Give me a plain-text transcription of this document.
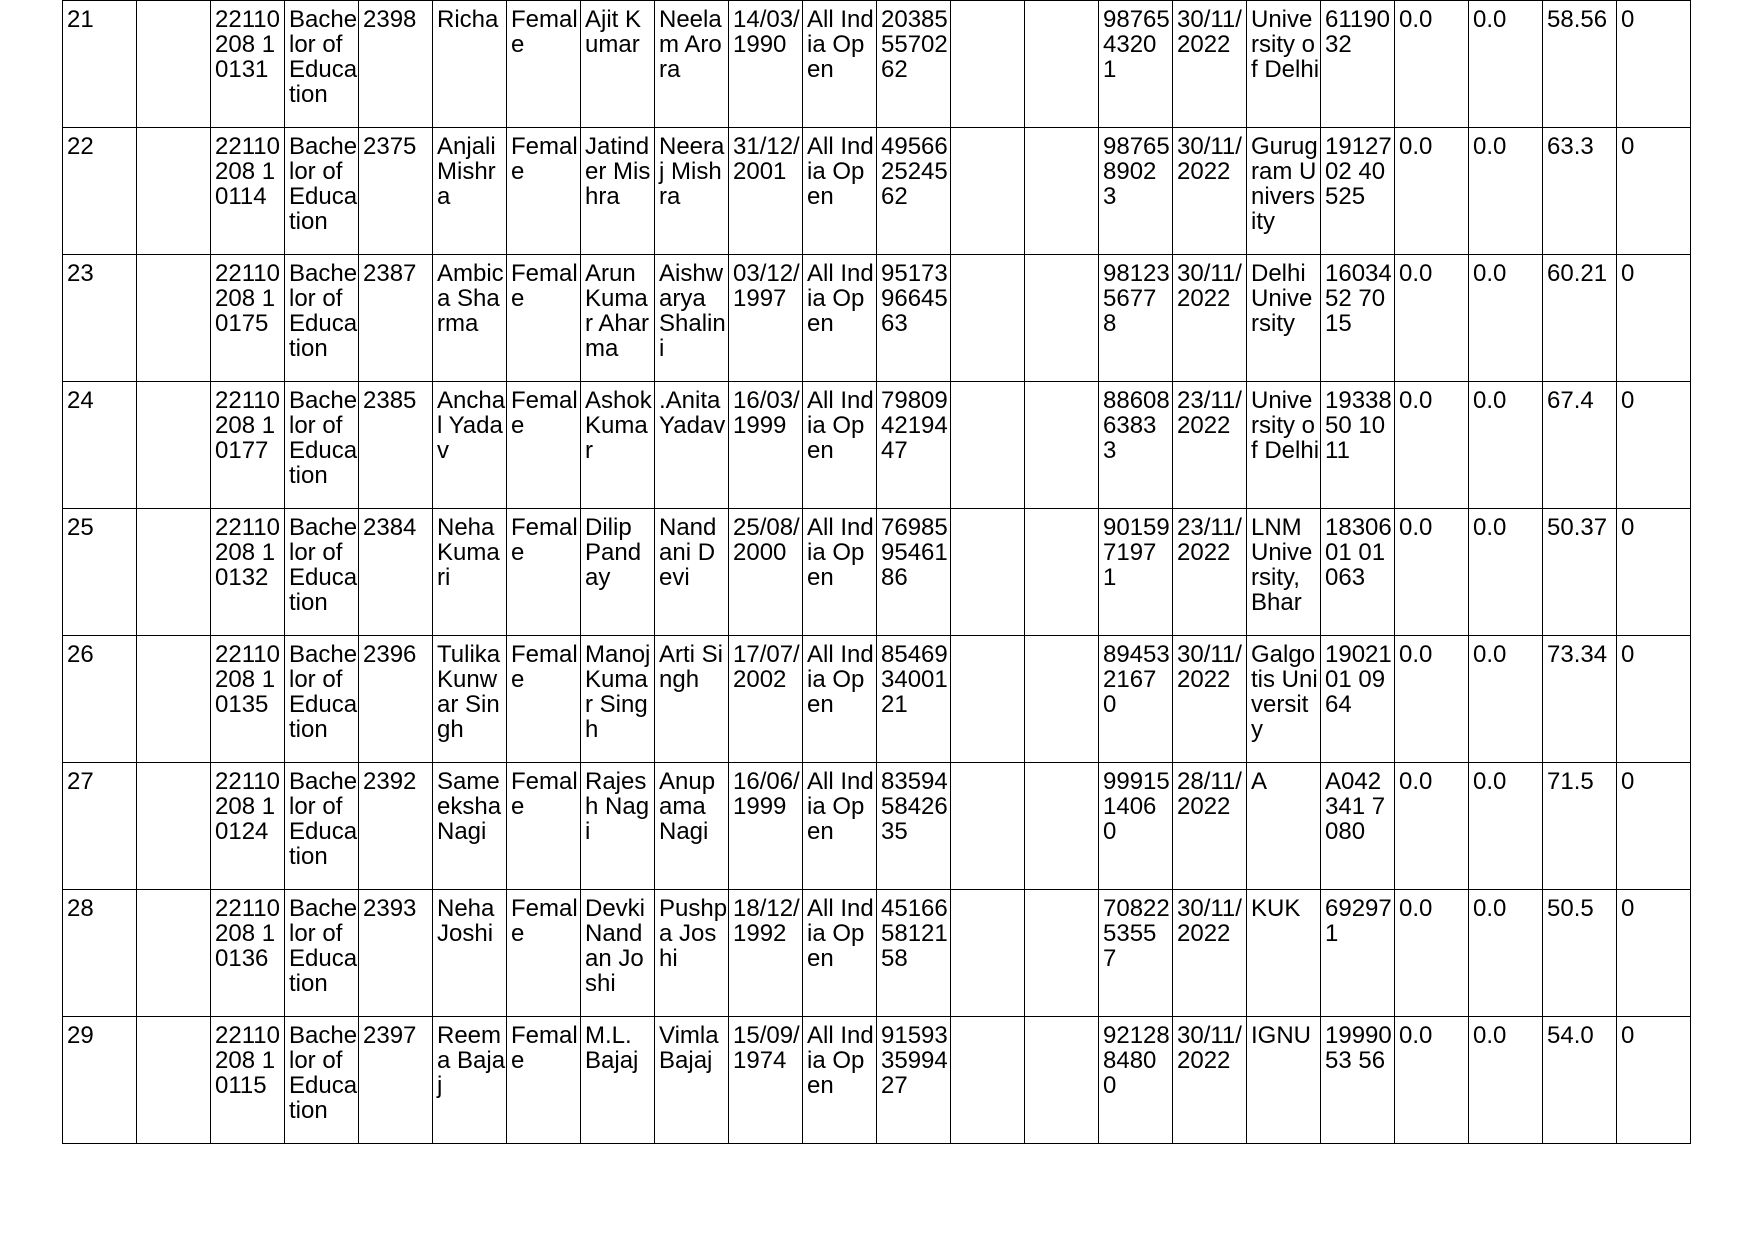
21		22110208 10131	Bachelor of Education	2398	Richa	Female	Ajit Kumar	Neelam Arora	14/03/1990	All India Open	203855570262			987654320 1	30/11/2022	University of Delhi	6119032	0.0	0.0	58.56	0
22		22110208 10114	Bachelor of Education	2375	Anjali Mishra	Female	Jatinder Mishra	Neeraj Mishra	31/12/2001	All India Open	495662524562			987658902 3	30/11/2022	Gurugram University	1912702 40525	0.0	0.0	63.3	0
23		22110208 10175	Bachelor of Education	2387	Ambica Sharma	Female	Arun Kumar Aharma	Aishwarya Shalini	03/12/1997	All India Open	951739664563			981235677 8	30/11/2022	Delhi University	1603452 7015	0.0	0.0	60.21	0
24		22110208 10177	Bachelor of Education	2385	Anchal Yadav	Female	Ashok Kumar	.Anita Yadav	16/03/1999	All India Open	798094219447			886086383 3	23/11/2022	University of Delhi	1933850 1011	0.0	0.0	67.4	0
25		22110208 10132	Bachelor of Education	2384	Neha Kumari	Female	Dilip Panday	Nandani Devi	25/08/2000	All India Open	769859546186			901597197 1	23/11/2022	LNM University, Bhar	1830601 01063	0.0	0.0	50.37	0
26		22110208 10135	Bachelor of Education	2396	Tulika Kunwar Singh	Female	Manoj Kumar Singh	Arti Singh	17/07/2002	All India Open	854693400121			894532167 0	30/11/2022	Galgotis University	1902101 0964	0.0	0.0	73.34	0
27		22110208 10124	Bachelor of Education	2392	Sameeksha Nagi	Female	Rajesh Nagi	Anupama Nagi	16/06/1999	All India Open	835945842635			999151406 0	28/11/2022	A	A042341 7080	0.0	0.0	71.5	0
28		22110208 10136	Bachelor of Education	2393	Neha Joshi	Female	Devki Nandan Joshi	Pushpa Joshi	18/12/1992	All India Open	451665812158			708225355 7	30/11/2022	KUK	692971	0.0	0.0	50.5	0
29		22110208 10115	Bachelor of Education	2397	Reema Bajaj	Female	M.L. Bajaj	Vimla Bajaj	15/09/1974	All India Open	915933599427			921288480 0	30/11/2022	IGNU	1999053 56	0.0	0.0	54.0	0
